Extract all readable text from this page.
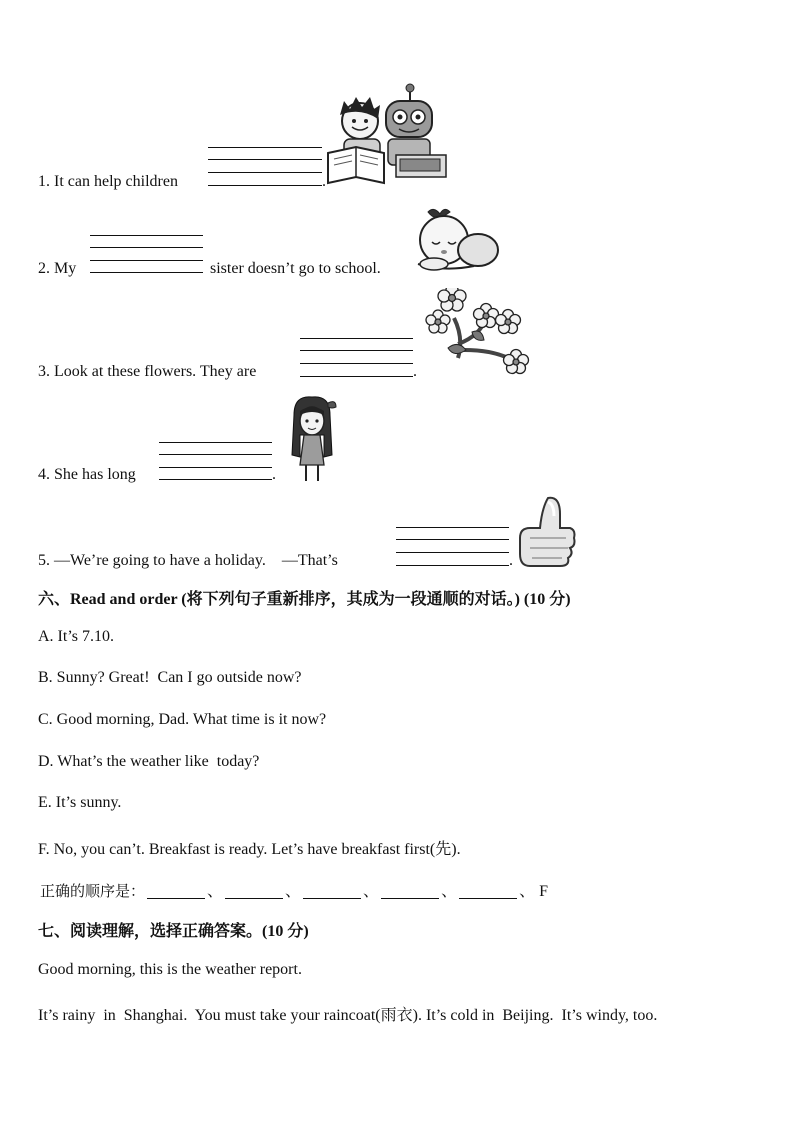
1. It can help children	.
2. My	sister doesn’t go to school.
3. Look at these flowers. They are	.
4. She has long	.
5. —We’re going to have a holiday.    —That’s	.
六、Read and order (将下列句子重新排序，其成为一段通顺的对话。) (10 分)
A. It’s 7.10.
B. Sunny? Great!  Can I go outside now?
C. Good morning, Dad. What time is it now?
D. What’s the weather like  today?
E. It’s sunny.
F. No, you can’t. Breakfast is ready. Let’s have breakfast first(先).
正确的顺序是：	、	、	、	、	、 F
七、阅读理解，选择正确答案。(10 分)
Good morning, this is the weather report.
It’s rainy  in  Shanghai.  You must take your raincoat(雨衣). It’s cold in  Beijing.  It’s windy, too.
